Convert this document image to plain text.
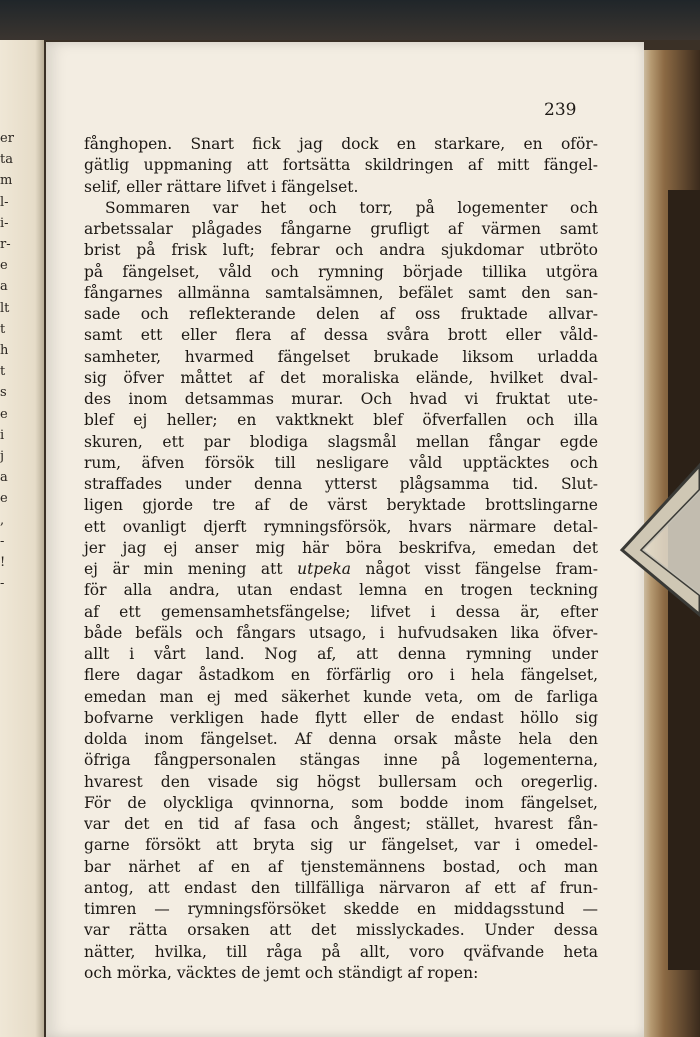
er
ta
m
l-
i-
r-
e
a
lt
t
h
t
s
e
i
j
a
e
,
-
!
-
239
fånghopen. Snart fick jag dock en starkare, en oför-
gätlig uppmaning att fortsätta skildringen af mitt fängel-
selif, eller rättare lifvet i fängelset.
Sommaren var het och torr, på logementer och
arbetssalar plågades fångarne grufligt af värmen samt
brist på frisk luft; febrar och andra sjukdomar utbröto
på fängelset, våld och rymning började tillika utgöra
fångarnes allmänna samtalsämnen, befälet samt den san-
sade och reflekterande delen af oss fruktade allvar-
samt ett eller flera af dessa svåra brott eller våld-
samheter, hvarmed fängelset brukade liksom urladda
sig öfver måttet af det moraliska elände, hvilket dval-
des inom detsammas murar. Och hvad vi fruktat ute-
blef ej heller; en vaktknekt blef öfverfallen och illa
skuren, ett par blodiga slagsmål mellan fångar egde
rum, äfven försök till nesligare våld upptäcktes och
straffades under denna ytterst plågsamma tid. Slut-
ligen gjorde tre af de värst beryktade brottslingarne
ett ovanligt djerft rymningsförsök, hvars närmare detal-
jer jag ej anser mig här böra beskrifva, emedan det
ej är min mening att utpeka något visst fängelse fram-
för alla andra, utan endast lemna en trogen teckning
af ett gemensamhetsfängelse; lifvet i dessa är, efter
både befäls och fångars utsago, i hufvudsaken lika öfver-
allt i vårt land. Nog af, att denna rymning under
flere dagar åstadkom en förfärlig oro i hela fängelset,
emedan man ej med säkerhet kunde veta, om de farliga
bofvarne verkligen hade flytt eller de endast höllo sig
dolda inom fängelset. Af denna orsak måste hela den
öfriga fångpersonalen stängas inne på logementerna,
hvarest den visade sig högst bullersam och oregerlig.
För de olyckliga qvinnorna, som bodde inom fängelset,
var det en tid af fasa och ångest; stället, hvarest fån-
garne försökt att bryta sig ur fängelset, var i omedel-
bar närhet af en af tjenstemännens bostad, och man
antog, att endast den tillfälliga närvaron af ett af frun-
timren — rymningsförsöket skedde en middagsstund —
var rätta orsaken att det misslyckades. Under dessa
nätter, hvilka, till råga på allt, voro qväfvande heta
och mörka, väcktes de jemt och ständigt af ropen:
